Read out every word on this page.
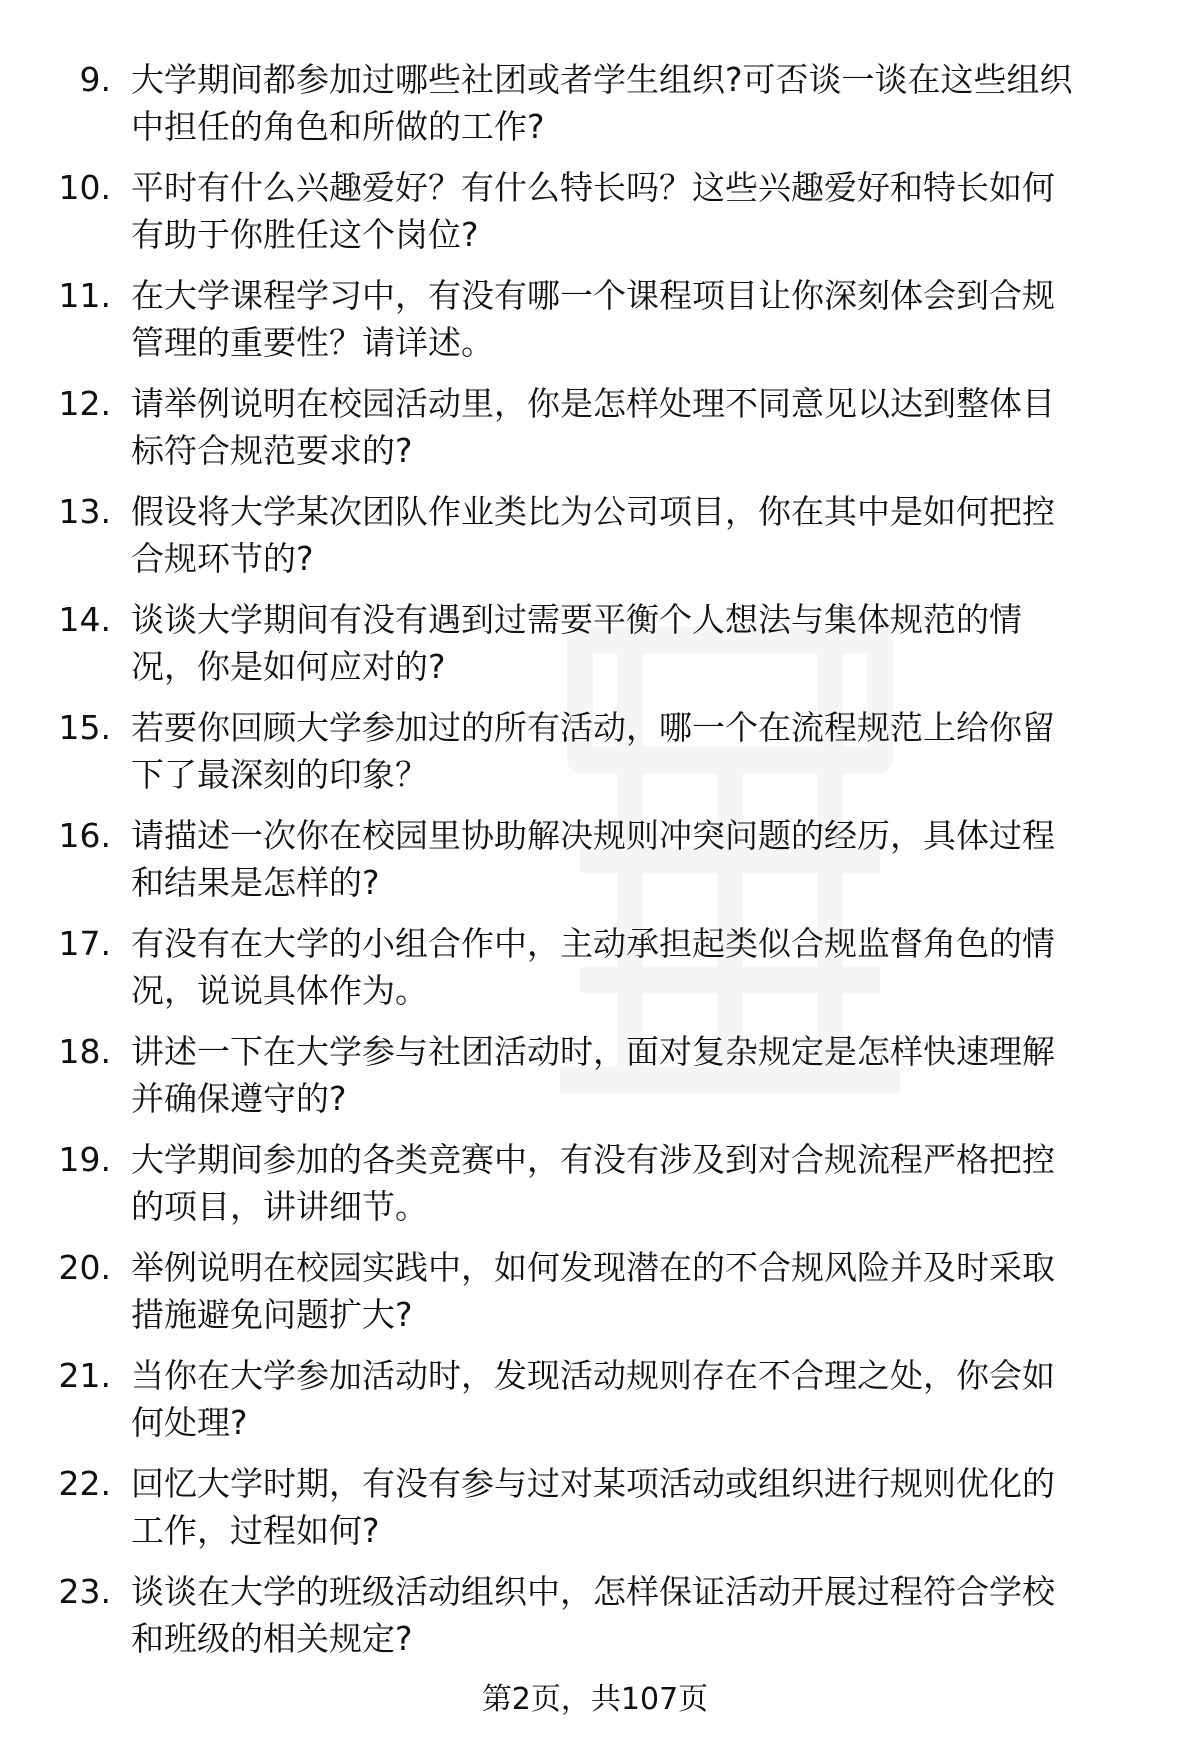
9. 大学期间都参加过哪些社团或者学生组织?可否谈一谈在这些组织
中担任的角色和所做的工作?
10. 平时有什么兴趣爱好？有什么特长吗？这些兴趣爱好和特长如何
有助于你胜任这个岗位?
11. 在大学课程学习中，有没有哪一个课程项目让你深刻体会到合规
管理的重要性？请详述。
12. 请举例说明在校园活动里，你是怎样处理不同意见以达到整体目
标符合规范要求的?
13. 假设将大学某次团队作业类比为公司项目，你在其中是如何把控
合规环节的?
14. 谈谈大学期间有没有遇到过需要平衡个人想法与集体规范的情
况，你是如何应对的?
15. 若要你回顾大学参加过的所有活动，哪一个在流程规范上给你留
下了最深刻的印象？
16. 请描述一次你在校园里协助解决规则冲突问题的经历，具体过程
和结果是怎样的?
17. 有没有在大学的小组合作中，主动承担起类似合规监督角色的情
况，说说具体作为。
18. 讲述一下在大学参与社团活动时，面对复杂规定是怎样快速理解
并确保遵守的?
19. 大学期间参加的各类竞赛中，有没有涉及到对合规流程严格把控
的项目，讲讲细节。
20. 举例说明在校园实践中，如何发现潜在的不合规风险并及时采取
措施避免问题扩大?
21. 当你在大学参加活动时，发现活动规则存在不合理之处，你会如
何处理?
22. 回忆大学时期，有没有参与过对某项活动或组织进行规则优化的
工作，过程如何?
23. 谈谈在大学的班级活动组织中，怎样保证活动开展过程符合学校
和班级的相关规定?
第2页，共107页
